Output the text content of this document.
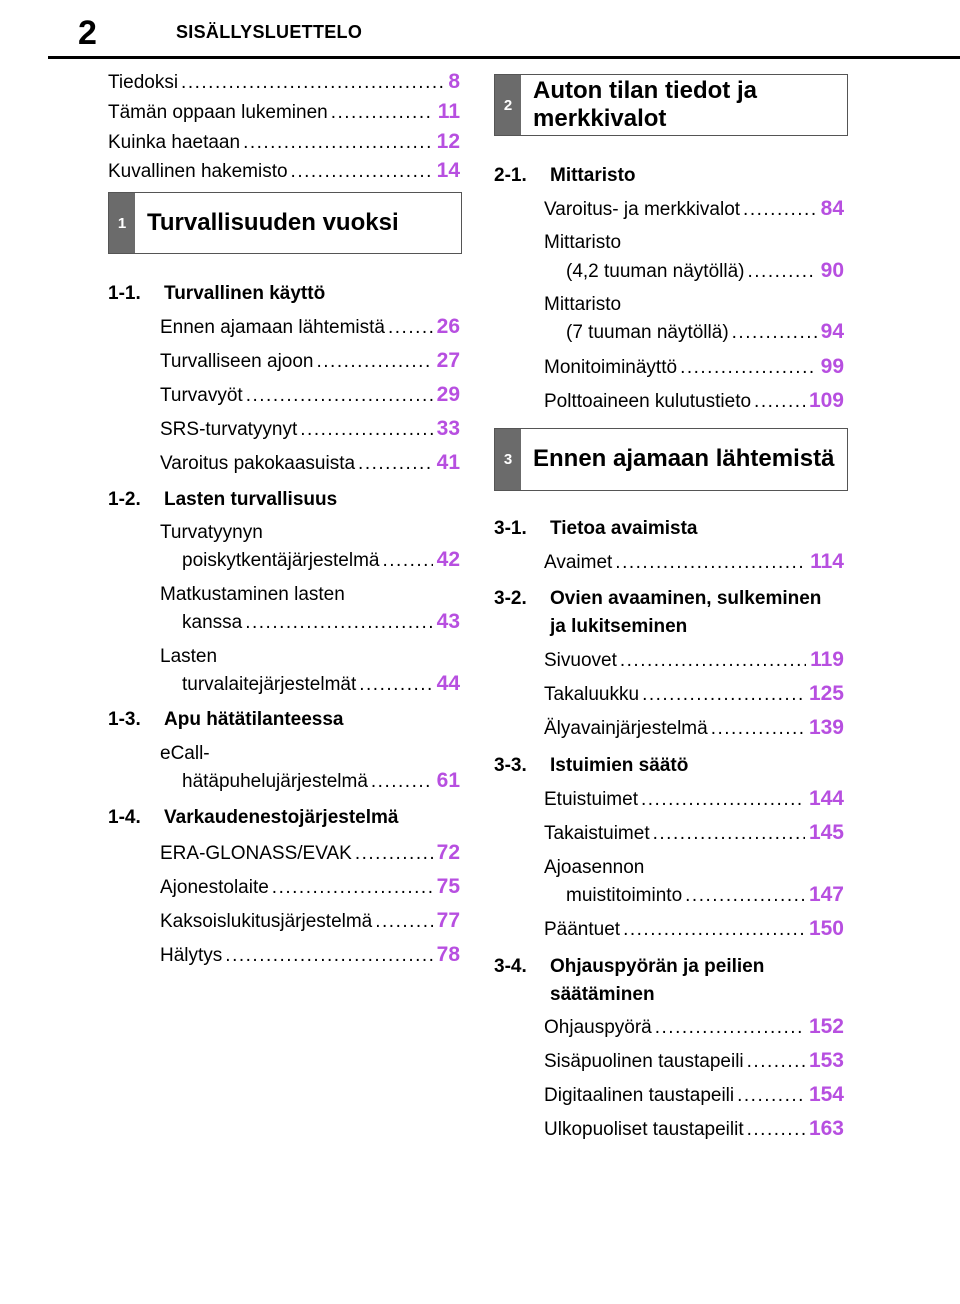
2	SISÄLLYSLUETTELO
Tiedoksi .....	8
Tämän oppaan lukeminen .....	11
Kuinka haetaan .....	12
Kuvallinen hakemisto .....	14
1 Turvallisuuden vuoksi
1-1. Turvallinen käyttö
Ennen ajamaan lähtemistä ..... 26
Turvalliseen ajoon .....	27
Turvavyöt .....	29
SRS-turvatyynyt .....	33
Varoitus pakokaasuista .....	41
1-2. Lasten turvallisuus
Turvatyynyn
poiskytkentäjärjestelmä .....	42
Matkustaminen lasten
kanssa .....	43
Lasten
turvalaitejärjestelmät .....	44
1-3. Apu hätätilanteessa
eCall-
hätäpuhelujärjestelmä .....	61
1-4. Varkaudenestojärjestelmä
ERA-GLONASS/EVAK .....	72
Ajonestolaite .....	75
Kaksoislukitusjärjestelmä .....	77
Hälytys .....	78
2
Auton tilan tiedot ja
merkkivalot
2-1. Mittaristo
Varoitus- ja merkkivalot .....	84
Mittaristo
(4,2 tuuman näytöllä) .....	90
Mittaristo
(7 tuuman näytöllä) .....	94
Monitoiminäyttö .....	99
Polttoaineen kulutustieto .....	109
3 Ennen ajamaan lähtemistä
3-1. Tietoa avaimista
Avaimet .....	114
3-2. Ovien avaaminen, sulkeminen
ja lukitseminen
Sivuovet .....	119
Takaluukku .....	125
Älyavainjärjestelmä .....	139
3-3. Istuimien säätö
Etuistuimet .....	144
Takaistuimet .....	145
Ajoasennon
muistitoiminto .....	147
Pääntuet .....	150
3-4. Ohjauspyörän ja peilien
säätäminen
Ohjauspyörä .....	152
Sisäpuolinen taustapeili .....	153
Digitaalinen taustapeili .....	154
Ulkopuoliset taustapeilit .....	163
